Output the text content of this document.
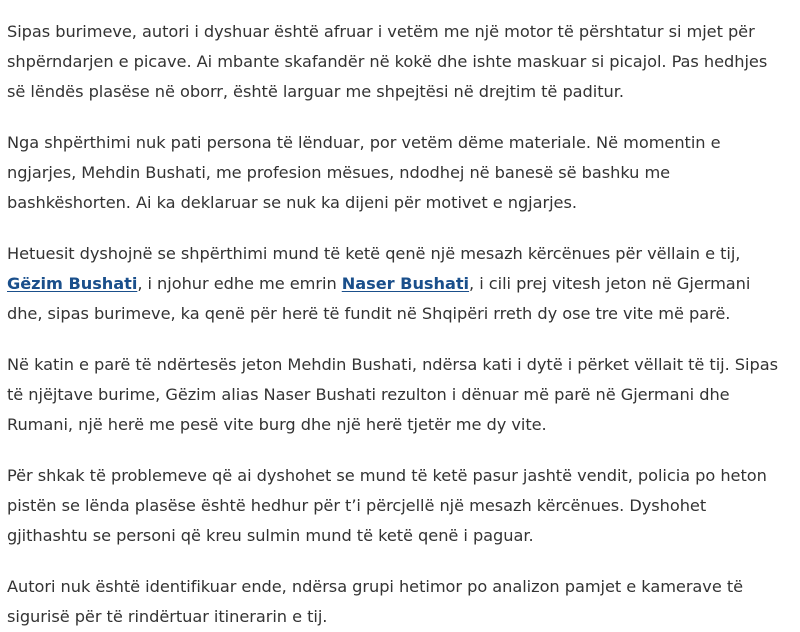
Sipas burimeve, autori i dyshuar është afruar i vetëm me një motor të përshtatur si mjet për shpërndarjen e picave. Ai mbante skafandër në kokë dhe ishte maskuar si picajol. Pas hedhjes së lëndës plasëse në oborr, është larguar me shpejtësi në drejtim të paditur.

Nga shpërthimi nuk pati persona të lënduar, por vetëm dëme materiale. Në momentin e ngjarjes, Mehdin Bushati, me profesion mësues, ndodhej në banesë së bashku me bashkëshorten. Ai ka deklaruar se nuk ka dijeni për motivet e ngjarjes.

Hetuesit dyshojnë se shpërthimi mund të ketë qenë një mesazh kërcënues për vëllain e tij, Gëzim Bushati, i njohur edhe me emrin Naser Bushati, i cili prej vitesh jeton në Gjermani dhe, sipas burimeve, ka qenë për herë të fundit në Shqipëri rreth dy ose tre vite më parë.

Në katin e parë të ndërtesës jeton Mehdin Bushati, ndërsa kati i dytë i përket vëllait të tij. Sipas të njëjtave burime, Gëzim alias Naser Bushati rezulton i dënuar më parë në Gjermani dhe Rumani, një herë me pesë vite burg dhe një herë tjetër me dy vite.

Për shkak të problemeve që ai dyshohet se mund të ketë pasur jashtë vendit, policia po heton pistën se lënda plasëse është hedhur për t’i përcjellë një mesazh kërcënues. Dyshohet gjithashtu se personi që kreu sulmin mund të ketë qenë i paguar.

Autori nuk është identifikuar ende, ndërsa grupi hetimor po analizon pamjet e kamerave të sigurisë për të rindërtuar itinerarin e tij.
